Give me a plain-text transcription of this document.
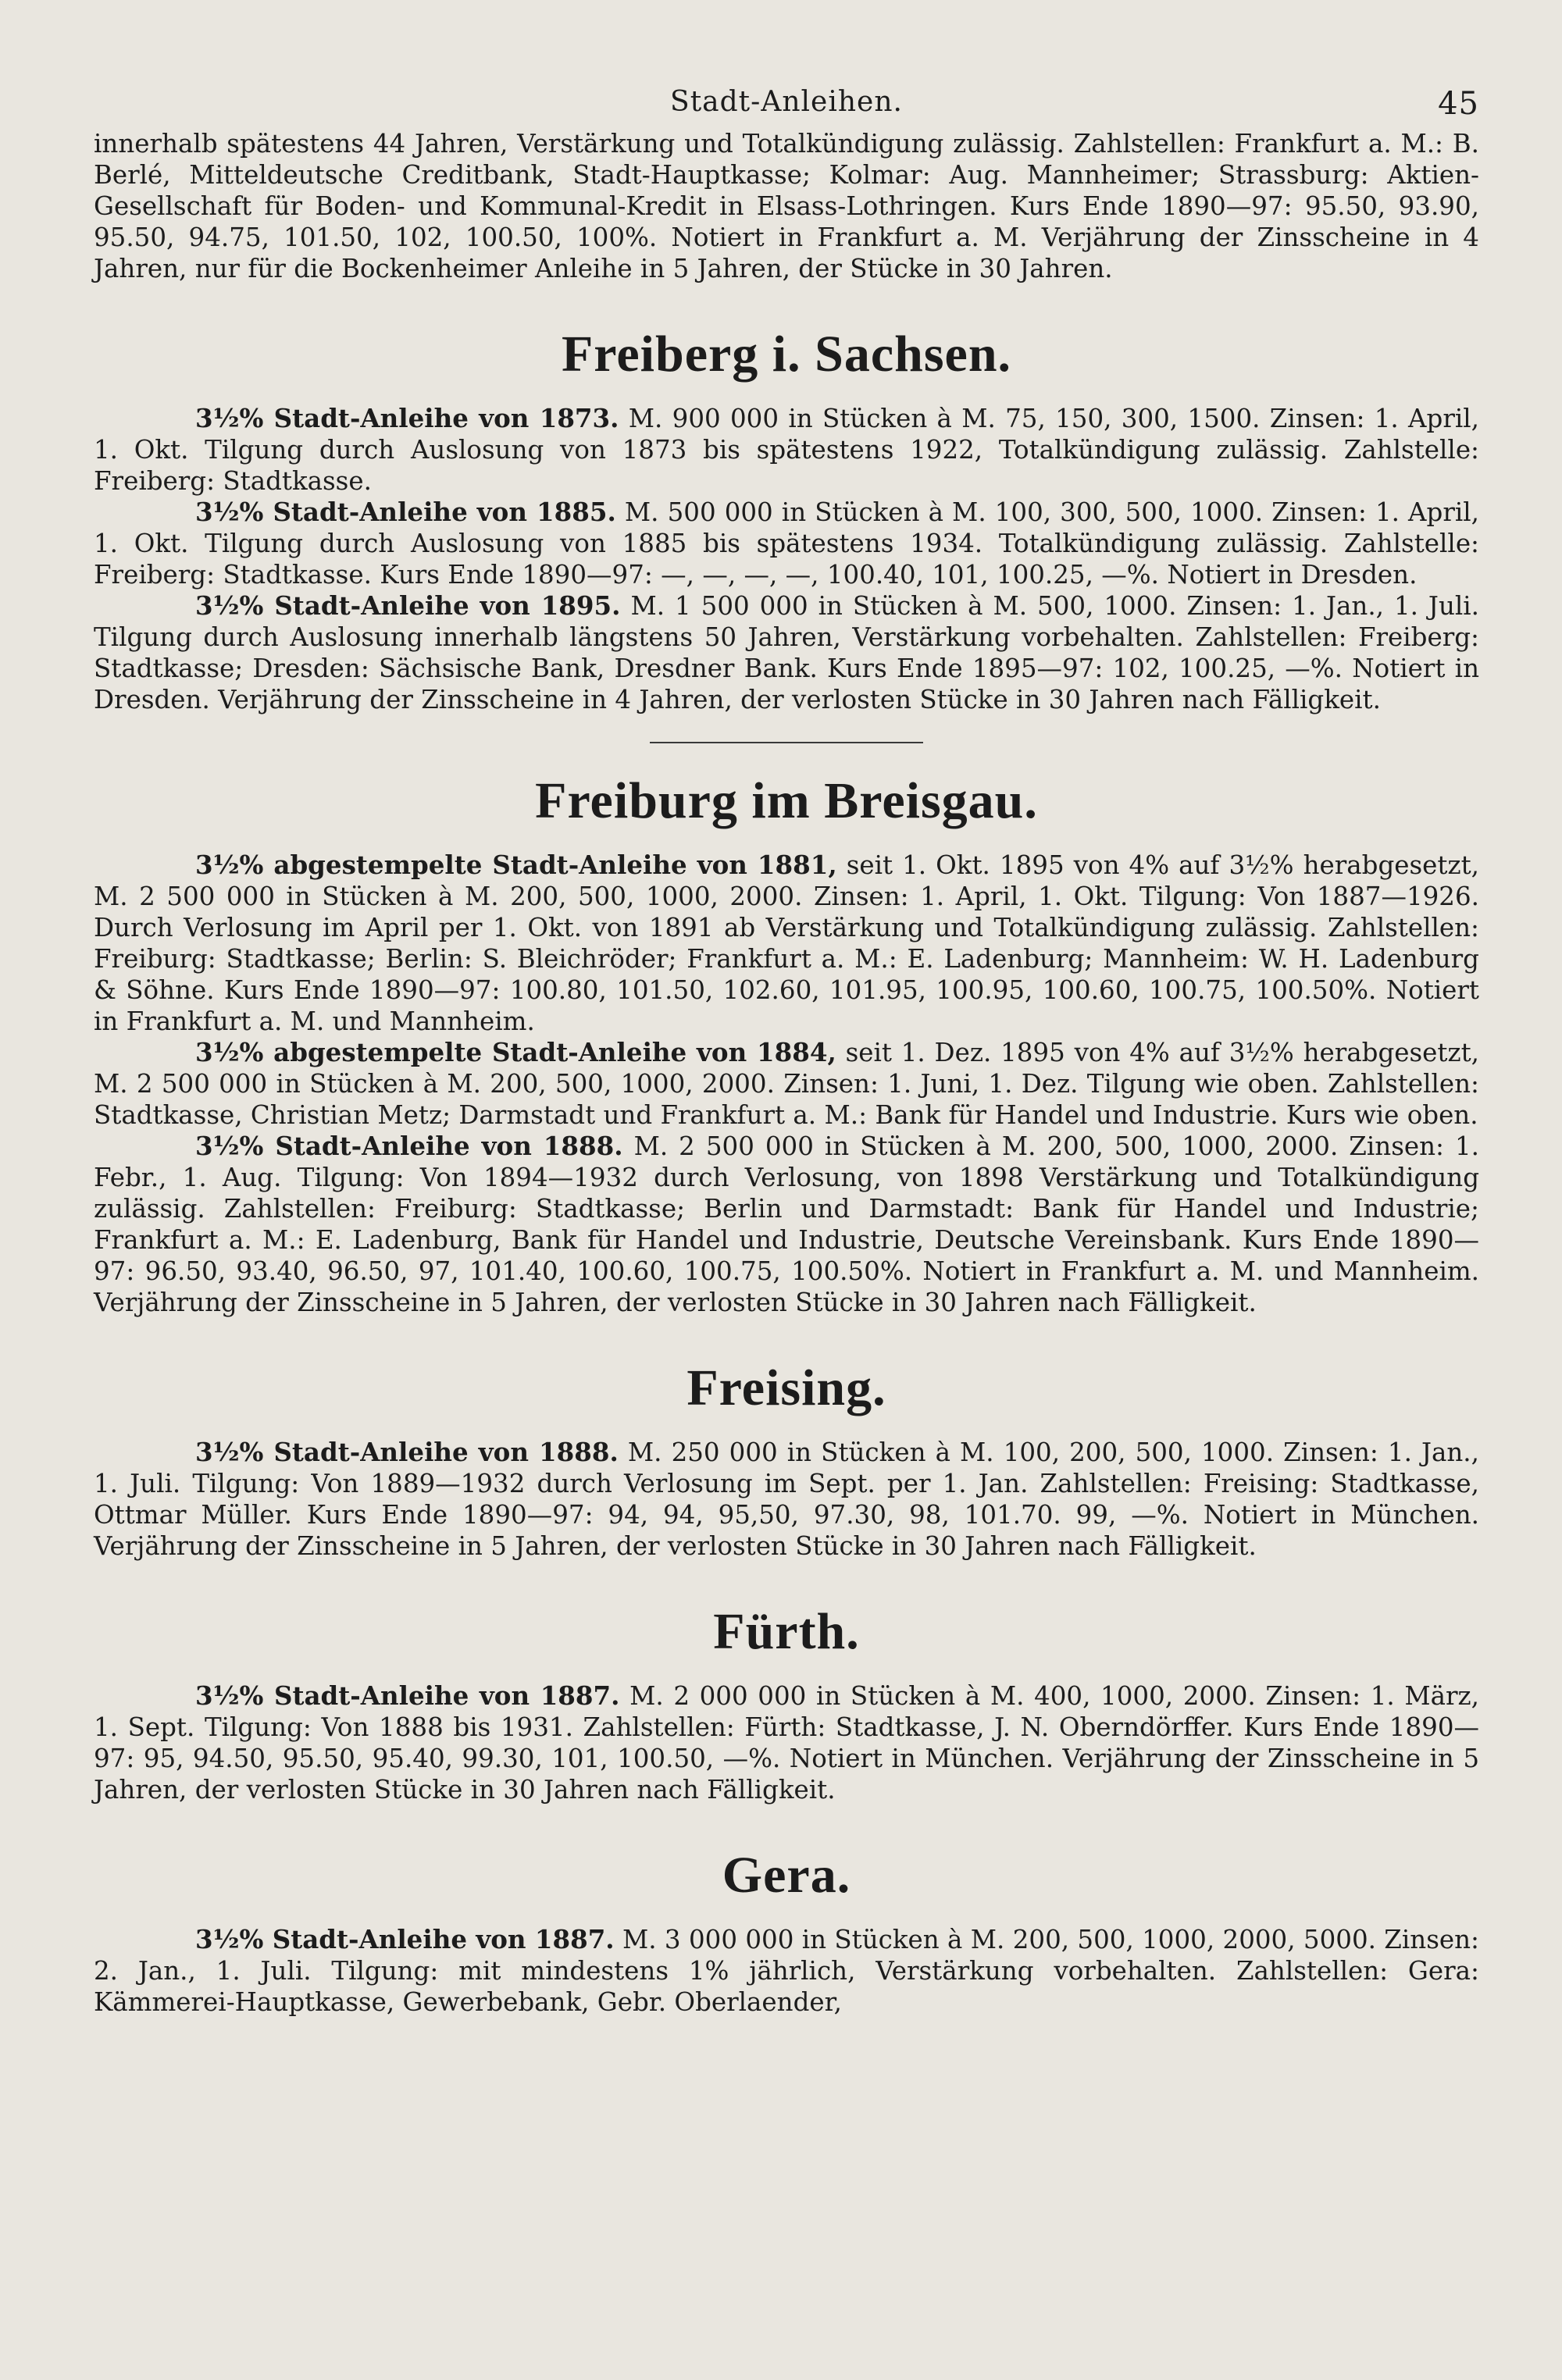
Stadt-Anleihen.	45

innerhalb spätestens 44 Jahren, Verstärkung und Totalkündigung zulässig. Zahlstellen: Frankfurt a. M.: B. Berlé, Mitteldeutsche Creditbank, Stadt-Hauptkasse; Kolmar: Aug. Mannheimer; Strassburg: Aktien-Gesellschaft für Boden- und Kommunal-Kredit in Elsass-Lothringen. Kurs Ende 1890—97: 95.50, 93.90, 95.50, 94.75, 101.50, 102, 100.50, 100%. Notiert in Frankfurt a. M. Verjährung der Zinsscheine in 4 Jahren, nur für die Bockenheimer Anleihe in 5 Jahren, der Stücke in 30 Jahren.

Freiberg i. Sachsen.

3½% Stadt-Anleihe von 1873. M. 900 000 in Stücken à M. 75, 150, 300, 1500. Zinsen: 1. April, 1. Okt. Tilgung durch Auslosung von 1873 bis spätestens 1922, Totalkündigung zulässig. Zahlstelle: Freiberg: Stadtkasse.

3½% Stadt-Anleihe von 1885. M. 500 000 in Stücken à M. 100, 300, 500, 1000. Zinsen: 1. April, 1. Okt. Tilgung durch Auslosung von 1885 bis spätestens 1934. Totalkündigung zulässig. Zahlstelle: Freiberg: Stadtkasse. Kurs Ende 1890—97: —, —, —, —, 100.40, 101, 100.25, —%. Notiert in Dresden.

3½% Stadt-Anleihe von 1895. M. 1 500 000 in Stücken à M. 500, 1000. Zinsen: 1. Jan., 1. Juli. Tilgung durch Auslosung innerhalb längstens 50 Jahren, Verstärkung vorbehalten. Zahlstellen: Freiberg: Stadtkasse; Dresden: Sächsische Bank, Dresdner Bank. Kurs Ende 1895—97: 102, 100.25, —%. Notiert in Dresden. Verjährung der Zinsscheine in 4 Jahren, der verlosten Stücke in 30 Jahren nach Fälligkeit.

Freiburg im Breisgau.

3½% abgestempelte Stadt-Anleihe von 1881, seit 1. Okt. 1895 von 4% auf 3½% herabgesetzt, M. 2 500 000 in Stücken à M. 200, 500, 1000, 2000. Zinsen: 1. April, 1. Okt. Tilgung: Von 1887—1926. Durch Verlosung im April per 1. Okt. von 1891 ab Verstärkung und Totalkündigung zulässig. Zahlstellen: Freiburg: Stadtkasse; Berlin: S. Bleichröder; Frankfurt a. M.: E. Ladenburg; Mannheim: W. H. Ladenburg & Söhne. Kurs Ende 1890—97: 100.80, 101.50, 102.60, 101.95, 100.95, 100.60, 100.75, 100.50%. Notiert in Frankfurt a. M. und Mannheim.

3½% abgestempelte Stadt-Anleihe von 1884, seit 1. Dez. 1895 von 4% auf 3½% herabgesetzt, M. 2 500 000 in Stücken à M. 200, 500, 1000, 2000. Zinsen: 1. Juni, 1. Dez. Tilgung wie oben. Zahlstellen: Stadtkasse, Christian Metz; Darmstadt und Frankfurt a. M.: Bank für Handel und Industrie. Kurs wie oben.

3½% Stadt-Anleihe von 1888. M. 2 500 000 in Stücken à M. 200, 500, 1000, 2000. Zinsen: 1. Febr., 1. Aug. Tilgung: Von 1894—1932 durch Verlosung, von 1898 Verstärkung und Totalkündigung zulässig. Zahlstellen: Freiburg: Stadtkasse; Berlin und Darmstadt: Bank für Handel und Industrie; Frankfurt a. M.: E. Ladenburg, Bank für Handel und Industrie, Deutsche Vereinsbank. Kurs Ende 1890—97: 96.50, 93.40, 96.50, 97, 101.40, 100.60, 100.75, 100.50%. Notiert in Frankfurt a. M. und Mannheim. Verjährung der Zinsscheine in 5 Jahren, der verlosten Stücke in 30 Jahren nach Fälligkeit.

Freising.

3½% Stadt-Anleihe von 1888. M. 250 000 in Stücken à M. 100, 200, 500, 1000. Zinsen: 1. Jan., 1. Juli. Tilgung: Von 1889—1932 durch Verlosung im Sept. per 1. Jan. Zahlstellen: Freising: Stadtkasse, Ottmar Müller. Kurs Ende 1890—97: 94, 94, 95,50, 97.30, 98, 101.70. 99, —%. Notiert in München. Verjährung der Zinsscheine in 5 Jahren, der verlosten Stücke in 30 Jahren nach Fälligkeit.

Fürth.

3½% Stadt-Anleihe von 1887. M. 2 000 000 in Stücken à M. 400, 1000, 2000. Zinsen: 1. März, 1. Sept. Tilgung: Von 1888 bis 1931. Zahlstellen: Fürth: Stadtkasse, J. N. Oberndörffer. Kurs Ende 1890—97: 95, 94.50, 95.50, 95.40, 99.30, 101, 100.50, —%. Notiert in München. Verjährung der Zinsscheine in 5 Jahren, der verlosten Stücke in 30 Jahren nach Fälligkeit.

Gera.

3½% Stadt-Anleihe von 1887. M. 3 000 000 in Stücken à M. 200, 500, 1000, 2000, 5000. Zinsen: 2. Jan., 1. Juli. Tilgung: mit mindestens 1% jährlich, Verstärkung vorbehalten. Zahlstellen: Gera: Kämmerei-Hauptkasse, Gewerbebank, Gebr. Oberlaender,
